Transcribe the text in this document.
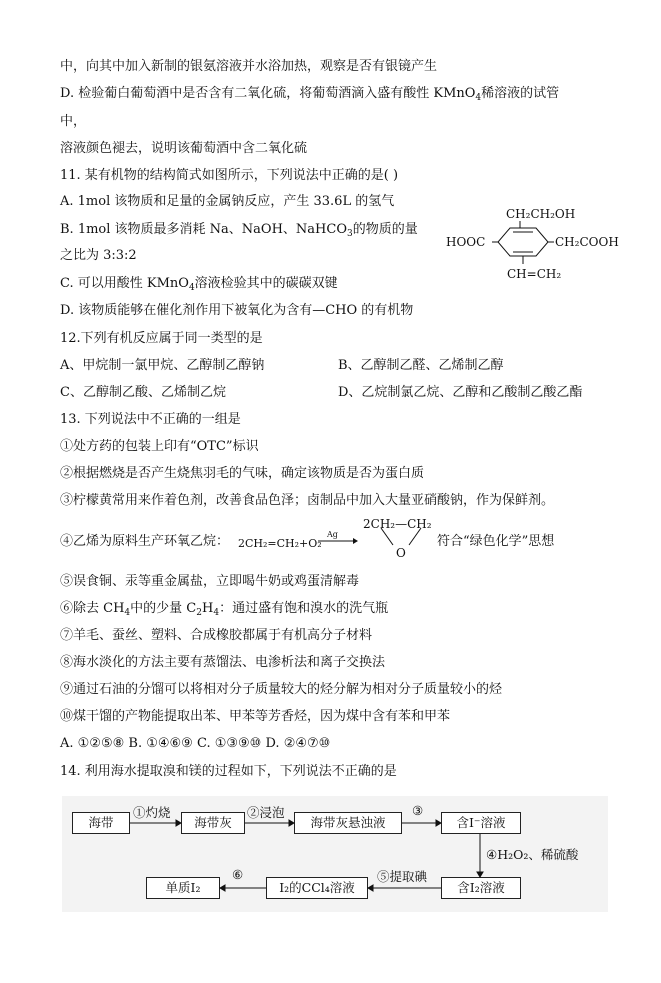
中，向其中加入新制的银氨溶液并水浴加热，观察是否有银镜产生
D. 检验葡白葡萄酒中是否含有二氧化硫，将葡萄酒滴入盛有酸性 KMnO$_4$稀溶液的试管
中，
溶液颜色褪去，说明该葡萄酒中含二氧化硫
11. 某有机物的结构简式如图所示，下列说法中正确的是( )
A. 1mol 该物质和足量的金属钠反应，产生 33.6L 的氢气
B. 1mol 该物质最多消耗 Na、NaOH、NaHCO$_3$的物质的量
之比为 3:3:2
C. 可以用酸性 KMnO$_4$溶液检验其中的碳碳双键
D. 该物质能够在催化剂作用下被氧化为含有—CHO 的有机物
CH₂CH₂OH
HOOC	CH₂COOH
CH=CH₂
12.下列有机反应属于同一类型的是
A、甲烷制一氯甲烷、乙醇制乙醇钠	B、乙醇制乙醛、乙烯制乙醇
C、乙醇制乙酸、乙烯制乙烷	D、乙烷制氯乙烷、乙醇和乙酸制乙酸乙酯
13. 下列说法中不正确的一组是
①处方药的包装上印有“OTC”标识
②根据燃烧是否产生烧焦羽毛的气味，确定该物质是否为蛋白质
③柠檬黄常用来作着色剂，改善食品色泽；卤制品中加入大量亚硝酸钠，作为保鲜剂。
④乙烯为原料生产环氧乙烷： 2CH₂=CH₂+O₂
Ag
2CH₂—CH₂
O
符合“绿色化学”思想
⑤误食铜、汞等重金属盐，立即喝牛奶或鸡蛋清解毒
⑥除去 $CH_4$中的少量 $C_2H_4$：通过盛有饱和溴水的洗气瓶
⑦羊毛、蚕丝、塑料、合成橡胶都属于有机高分子材料
⑧海水淡化的方法主要有蒸馏法、电渗析法和离子交换法
⑨通过石油的分馏可以将相对分子质量较大的烃分解为相对分子质量较小的烃
⑩煤干馏的产物能提取出苯、甲苯等芳香烃，因为煤中含有苯和甲苯
A. ①②⑤⑧ B. ①④⑥⑨ C. ①③⑨⑩ D. ②④⑦⑩
14. 利用海水提取溴和镁的过程如下，下列说法不正确的是
海带	海带灰	海带灰悬浊液	含I⁻溶液
含I₂溶液
I₂的CCl₄溶液
单质I₂
①灼烧	②浸泡	③
④H₂O₂、稀硫酸
⑤提取碘
⑥
